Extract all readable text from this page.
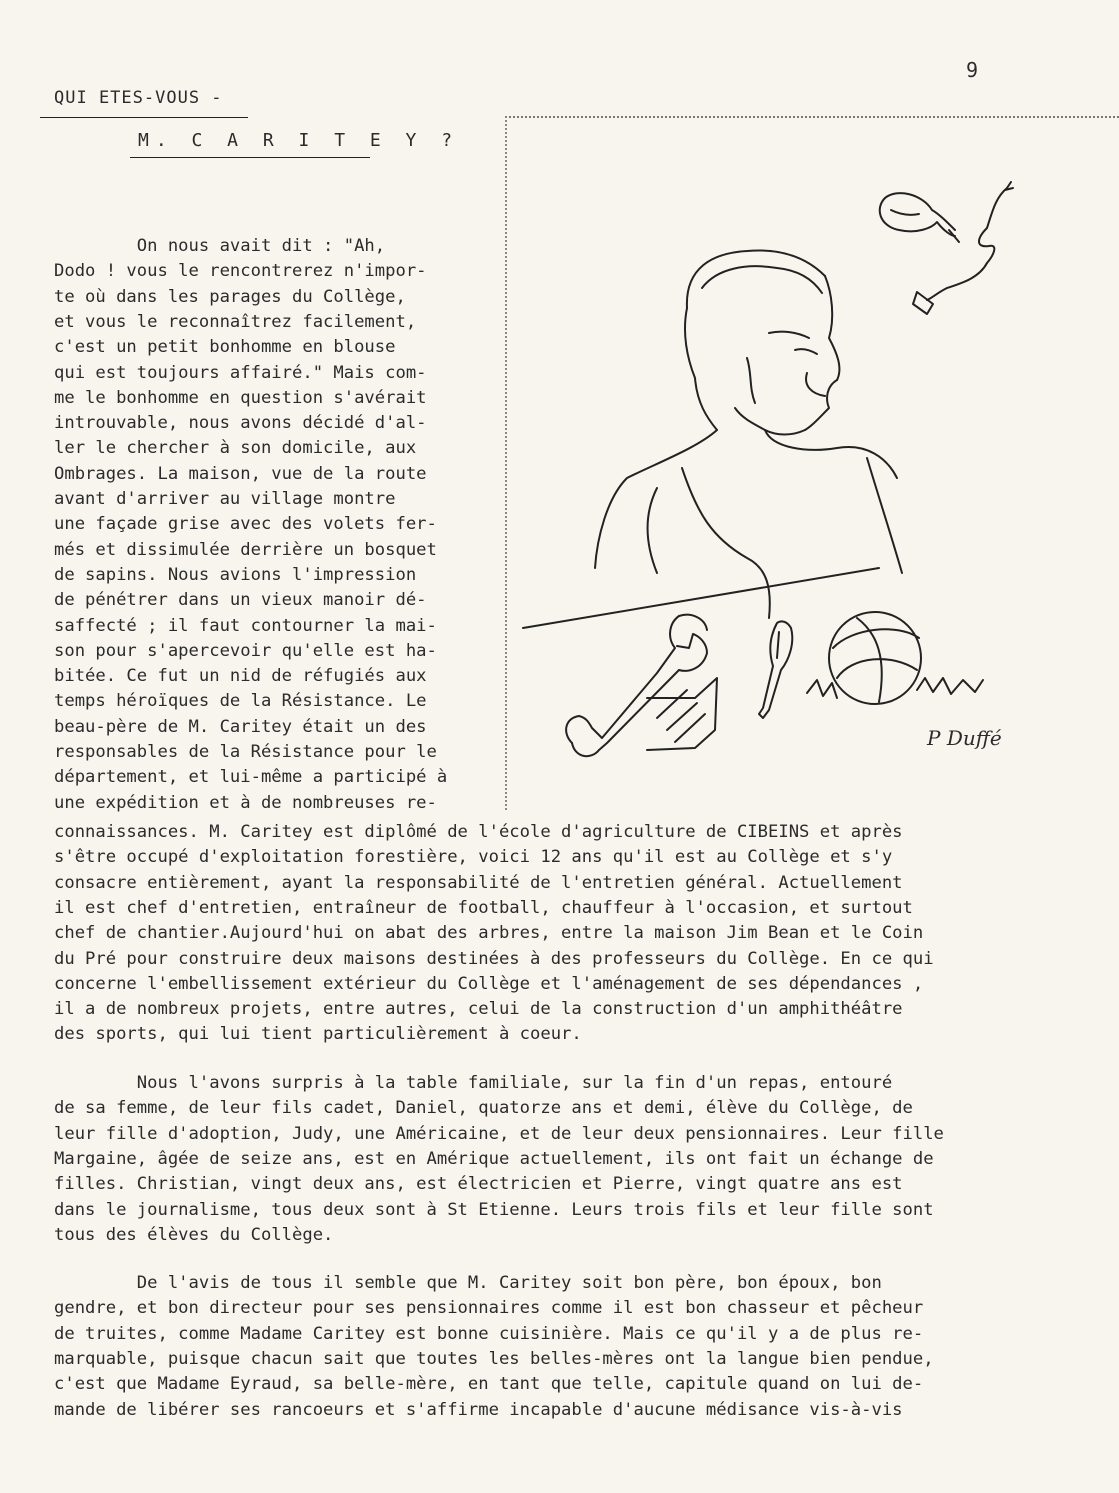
9
QUI ETES-VOUS -
M. C A R I T E Y ?
P Duffé
On nous avait dit : "Ah,
Dodo ! vous le rencontrerez n'impor-
te où dans les parages du Collège,
et vous le reconnaîtrez facilement,
c'est un petit bonhomme en blouse
qui est toujours affairé." Mais com-
me le bonhomme en question s'avérait
introuvable, nous avons décidé d'al-
ler le chercher à son domicile, aux
Ombrages. La maison, vue de la route
avant d'arriver au village montre
une façade grise avec des volets fer-
més et dissimulée derrière un bosquet
de sapins. Nous avions l'impression
de pénétrer dans un vieux manoir dé-
saffecté ; il faut contourner la mai-
son pour s'apercevoir qu'elle est ha-
bitée. Ce fut un nid de réfugiés aux
temps héroïques de la Résistance. Le
beau-père de M. Caritey était un des
responsables de la Résistance pour le
département, et lui-même a participé à
une expédition et à de nombreuses re-
connaissances. M. Caritey est diplômé de l'école d'agriculture de CIBEINS et après
s'être occupé d'exploitation forestière, voici 12 ans qu'il est au Collège et s'y
consacre entièrement, ayant la responsabilité de l'entretien général. Actuellement
il est chef d'entretien, entraîneur de football, chauffeur à l'occasion, et surtout
chef de chantier.Aujourd'hui on abat des arbres, entre la maison Jim Bean et le Coin
du Pré pour construire deux maisons destinées à des professeurs du Collège. En ce qui
concerne l'embellissement extérieur du Collège et l'aménagement de ses dépendances ,
il a de nombreux projets, entre autres, celui de la construction d'un amphithéâtre
des sports, qui lui tient particulièrement à coeur.
Nous l'avons surpris à la table familiale, sur la fin d'un repas, entouré
de sa femme, de leur fils cadet, Daniel, quatorze ans et demi, élève du Collège, de
leur fille d'adoption, Judy, une Américaine, et de leur deux pensionnaires. Leur fille
Margaine, âgée de seize ans, est en Amérique actuellement, ils ont fait un échange de
filles. Christian, vingt deux ans, est électricien et Pierre, vingt quatre ans est
dans le journalisme, tous deux sont à St Etienne. Leurs trois fils et leur fille sont
tous des élèves du Collège.
De l'avis de tous il semble que M. Caritey soit bon père, bon époux, bon
gendre, et bon directeur pour ses pensionnaires comme il est bon chasseur et pêcheur
de truites, comme Madame Caritey est bonne cuisinière. Mais ce qu'il y a de plus re-
marquable, puisque chacun sait que toutes les belles-mères ont la langue bien pendue,
c'est que Madame Eyraud, sa belle-mère, en tant que telle, capitule quand on lui de-
mande de libérer ses rancoeurs et s'affirme incapable d'aucune médisance vis-à-vis
